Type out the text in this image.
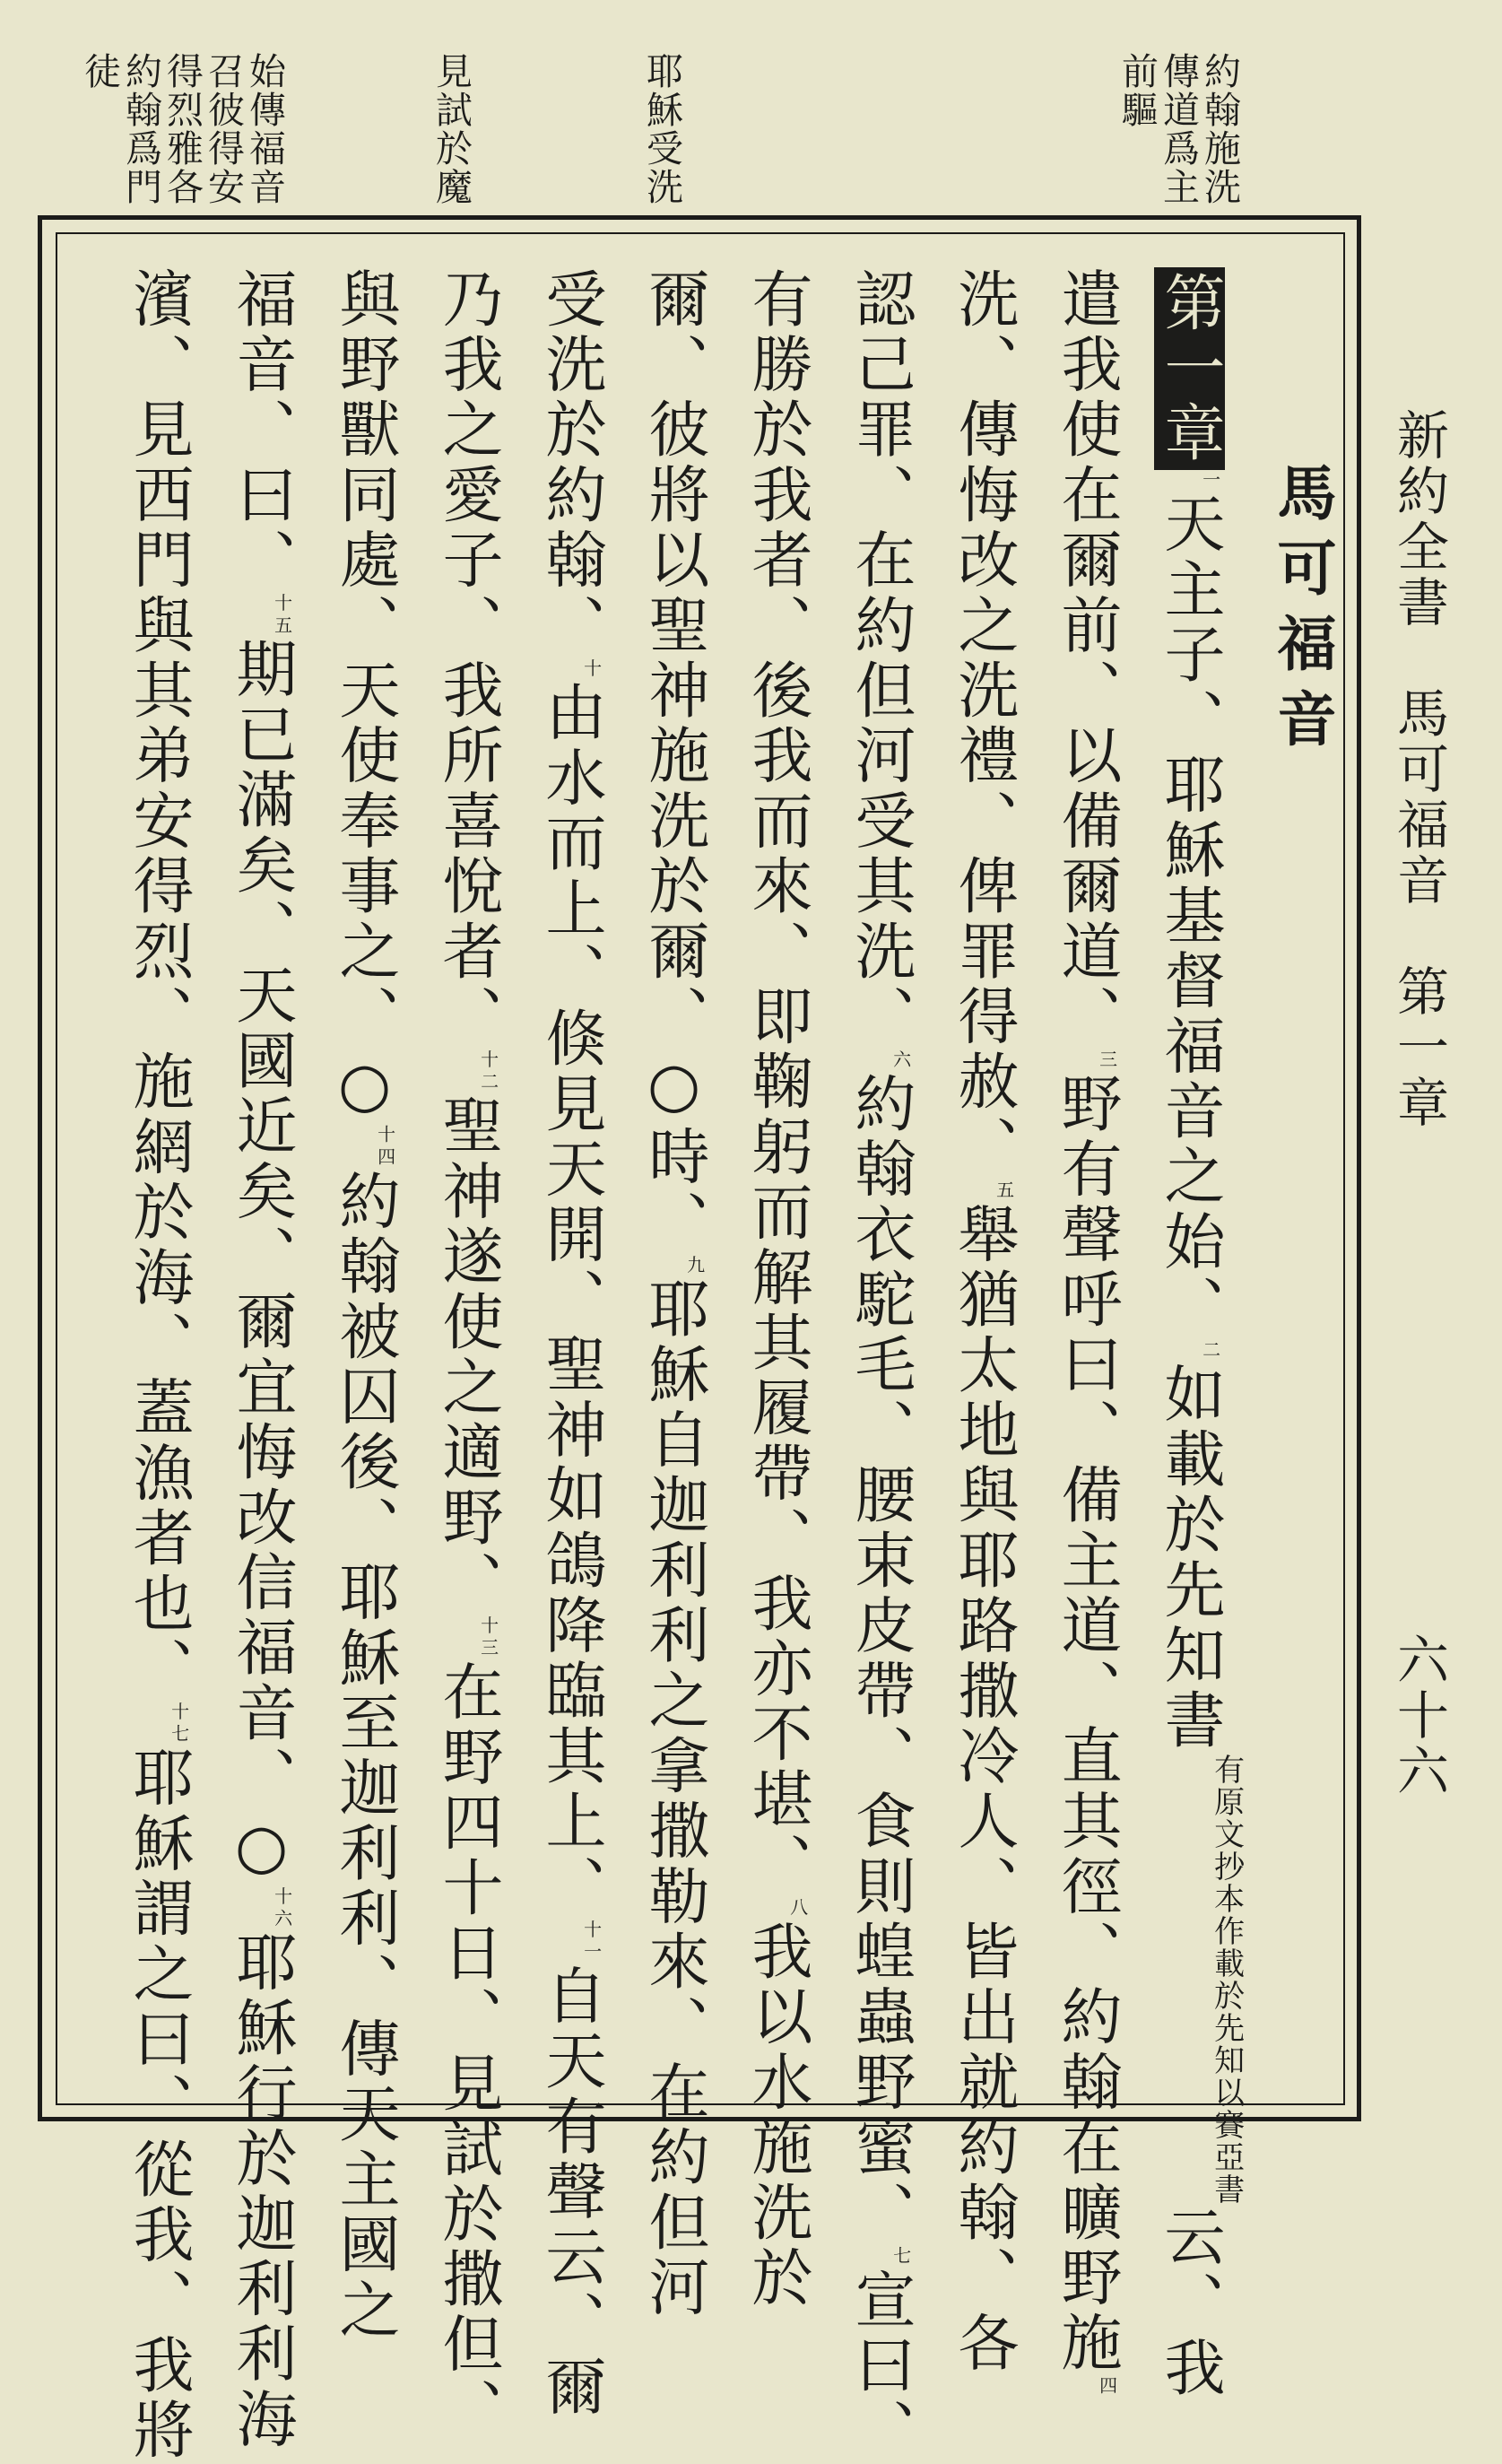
新約全書　馬可福音　第一章
六十六
約翰施洗
傳道爲主
前驅
耶穌受洗
見試於魔
始傳福音
召彼得安
得烈雅各
約翰爲門
徒
馬可福音
第一章$^一$天主子、耶穌基督福音之始、$^二$如載於先知書有原文抄本作載於先知以賽亞書云、我
遣我使在爾前、以備爾道、$^三$野有聲呼曰、備主道、直其徑、約翰在曠野施$^四$
洗、傳悔改之洗禮、俾罪得赦、$^五$舉猶太地與耶路撒冷人、皆出就約翰、各
認己罪、在約但河受其洗、$^六$約翰衣駝毛、腰束皮帶、食則蝗蟲野蜜、$^七$宣曰、
有勝於我者、後我而來、即鞠躬而解其履帶、我亦不堪、$^八$我以水施洗於
爾、彼將以聖神施洗於爾、○時、$^九$耶穌自迦利利之拿撒勒來、在約但河
受洗於約翰、$^十$由水而上、倏見天開、聖神如鴿降臨其上、$^{十一}$自天有聲云、爾
乃我之愛子、我所喜悅者、$^{十二}$聖神遂使之適野、$^{十三}$在野四十日、見試於撒但、
與野獸同處、天使奉事之、○$^{十四}$約翰被囚後、耶穌至迦利利、傳天主國之
福音、曰、$^{十五}$期已滿矣、天國近矣、爾宜悔改信福音、○$^{十六}$耶穌行於迦利利海
濱、見西門與其弟安得烈、施網於海、蓋漁者也、$^{十七}$耶穌謂之曰、從我、我將
